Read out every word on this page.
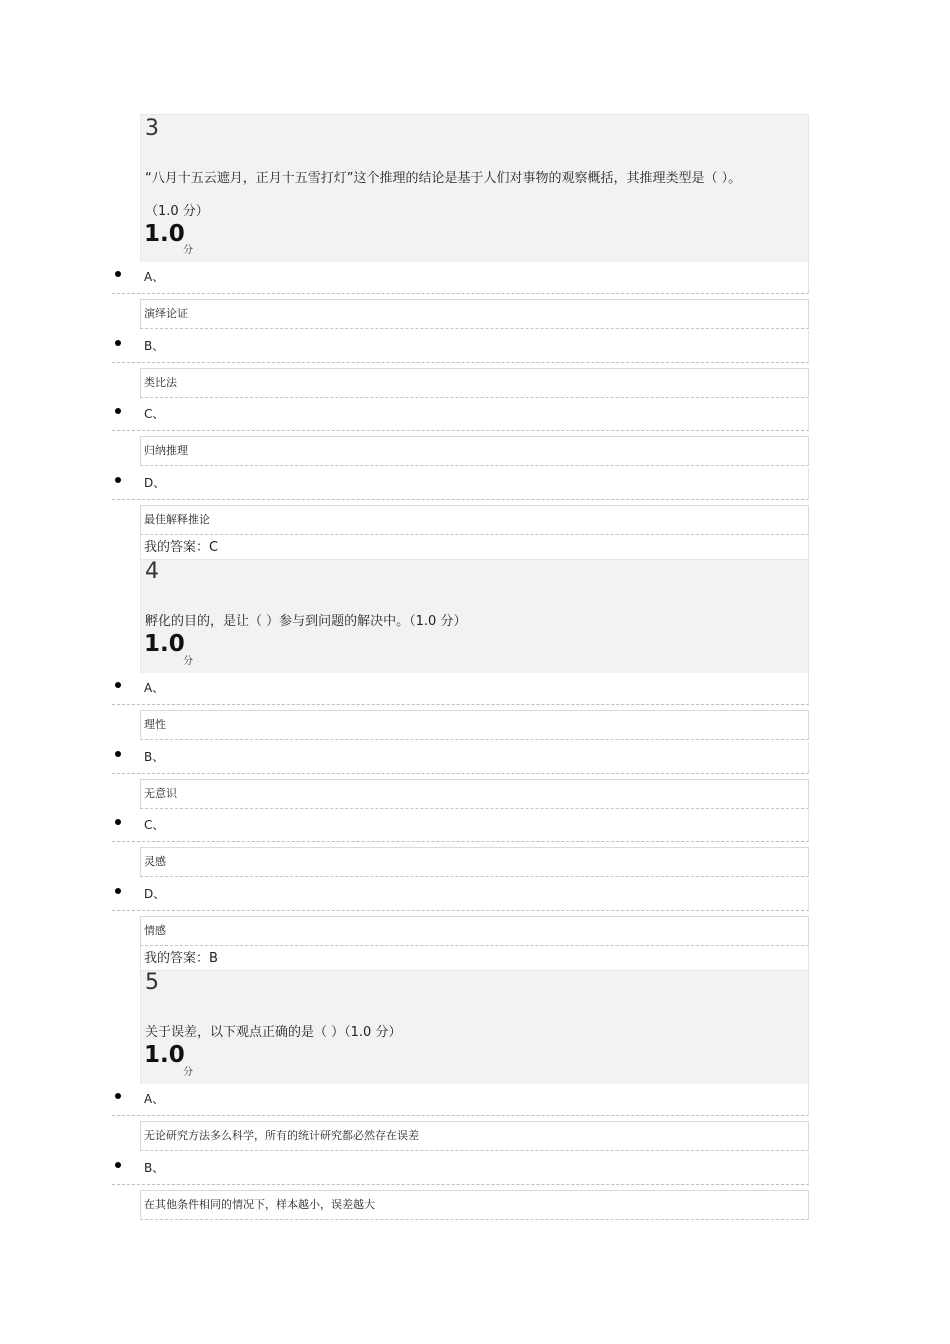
3
“八月十五云遮月，正月十五雪打灯”这个推理的结论是基于人们对事物的观察概括，其推理类型是（ ）。
（1.0 分）
1.0
分
A、
演绎论证
B、
类比法
C、
归纳推理
D、
最佳解释推论
我的答案：C
4
孵化的目的，是让（ ）参与到问题的解决中。（1.0 分）
1.0
分
A、
理性
B、
无意识
C、
灵感
D、
情感
我的答案：B
5
关于误差，以下观点正确的是（ ）（1.0 分）
1.0
分
A、
无论研究方法多么科学，所有的统计研究都必然存在误差
B、
在其他条件相同的情况下，样本越小，误差越大
